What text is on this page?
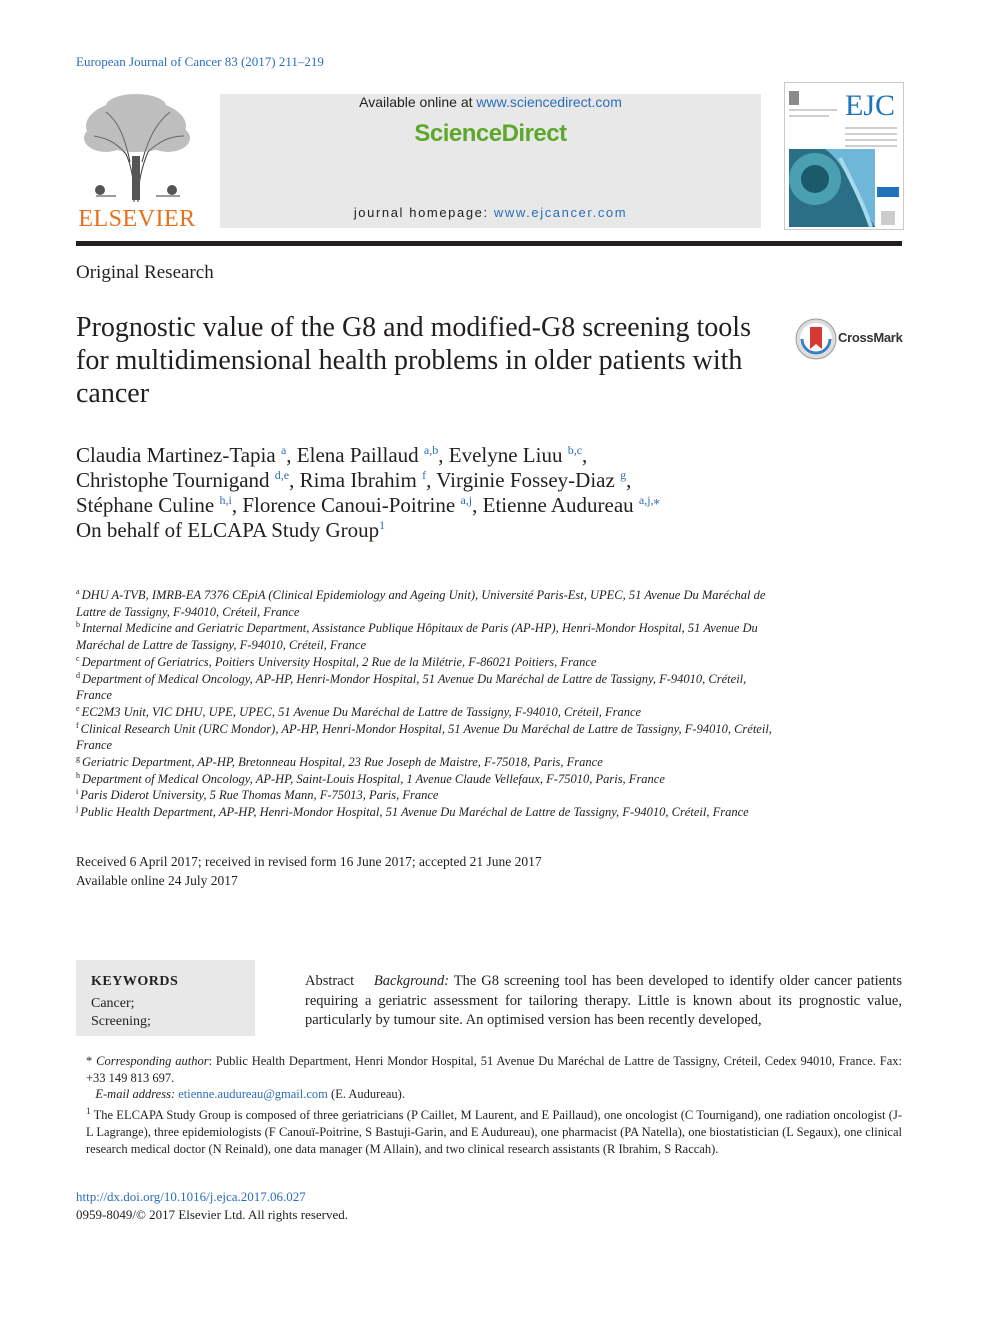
European Journal of Cancer 83 (2017) 211–219
ELSEVIER
Available online at www.sciencedirect.com
ScienceDirect
journal homepage: www.ejcancer.com
EJC
Original Research
Prognostic value of the G8 and modified-G8 screening tools for multidimensional health problems in older patients with cancer
CrossMark
Claudia Martinez-Tapia $^a$, Elena Paillaud $^{a,b}$, Evelyne Liuu $^{b,c}$,
Christophe Tournigand $^{d,e}$, Rima Ibrahim $^f$, Virginie Fossey-Diaz $^g$,
Stéphane Culine $^{h,i}$, Florence Canoui-Poitrine $^{a,j}$, Etienne Audureau $^{a,j,⁎}$
On behalf of ELCAPA Study Group$^1$
$^a$ DHU A-TVB, IMRB-EA 7376 CEpiA (Clinical Epidemiology and Ageing Unit), Université Paris-Est, UPEC, 51 Avenue Du Maréchal de Lattre de Tassigny, F-94010, Créteil, France
$^b$ Internal Medicine and Geriatric Department, Assistance Publique Hôpitaux de Paris (AP-HP), Henri-Mondor Hospital, 51 Avenue Du Maréchal de Lattre de Tassigny, F-94010, Créteil, France
$^c$ Department of Geriatrics, Poitiers University Hospital, 2 Rue de la Milétrie, F-86021 Poitiers, France
$^d$ Department of Medical Oncology, AP-HP, Henri-Mondor Hospital, 51 Avenue Du Maréchal de Lattre de Tassigny, F-94010, Créteil, France
$^e$ EC2M3 Unit, VIC DHU, UPE, UPEC, 51 Avenue Du Maréchal de Lattre de Tassigny, F-94010, Créteil, France
$^f$ Clinical Research Unit (URC Mondor), AP-HP, Henri-Mondor Hospital, 51 Avenue Du Maréchal de Lattre de Tassigny, F-94010, Créteil, France
$^g$ Geriatric Department, AP-HP, Bretonneau Hospital, 23 Rue Joseph de Maistre, F-75018, Paris, France
$^h$ Department of Medical Oncology, AP-HP, Saint-Louis Hospital, 1 Avenue Claude Vellefaux, F-75010, Paris, France
$^i$ Paris Diderot University, 5 Rue Thomas Mann, F-75013, Paris, France
$^j$ Public Health Department, AP-HP, Henri-Mondor Hospital, 51 Avenue Du Maréchal de Lattre de Tassigny, F-94010, Créteil, France
Received 6 April 2017; received in revised form 16 June 2017; accepted 21 June 2017
Available online 24 July 2017
KEYWORDS
Cancer;
Screening;
Abstract Background: The G8 screening tool has been developed to identify older cancer patients requiring a geriatric assessment for tailoring therapy. Little is known about its prognostic value, particularly by tumour site. An optimised version has been recently developed,

* Corresponding author: Public Health Department, Henri Mondor Hospital, 51 Avenue Du Maréchal de Lattre de Tassigny, Créteil, Cedex 94010, France. Fax: +33 149 813 697.

E-mail address: etienne.audureau@gmail.com (E. Audureau).

$^1$ The ELCAPA Study Group is composed of three geriatricians (P Caillet, M Laurent, and E Paillaud), one oncologist (C Tournigand), one radiation oncologist (J-L Lagrange), three epidemiologists (F Canouï-Poitrine, S Bastuji-Garin, and E Audureau), one pharmacist (PA Natella), one biostatistician (L Segaux), one clinical research medical doctor (N Reinald), one data manager (M Allain), and two clinical research assistants (R Ibrahim, S Raccah).

http://dx.doi.org/10.1016/j.ejca.2017.06.027
0959-8049/© 2017 Elsevier Ltd. All rights reserved.
